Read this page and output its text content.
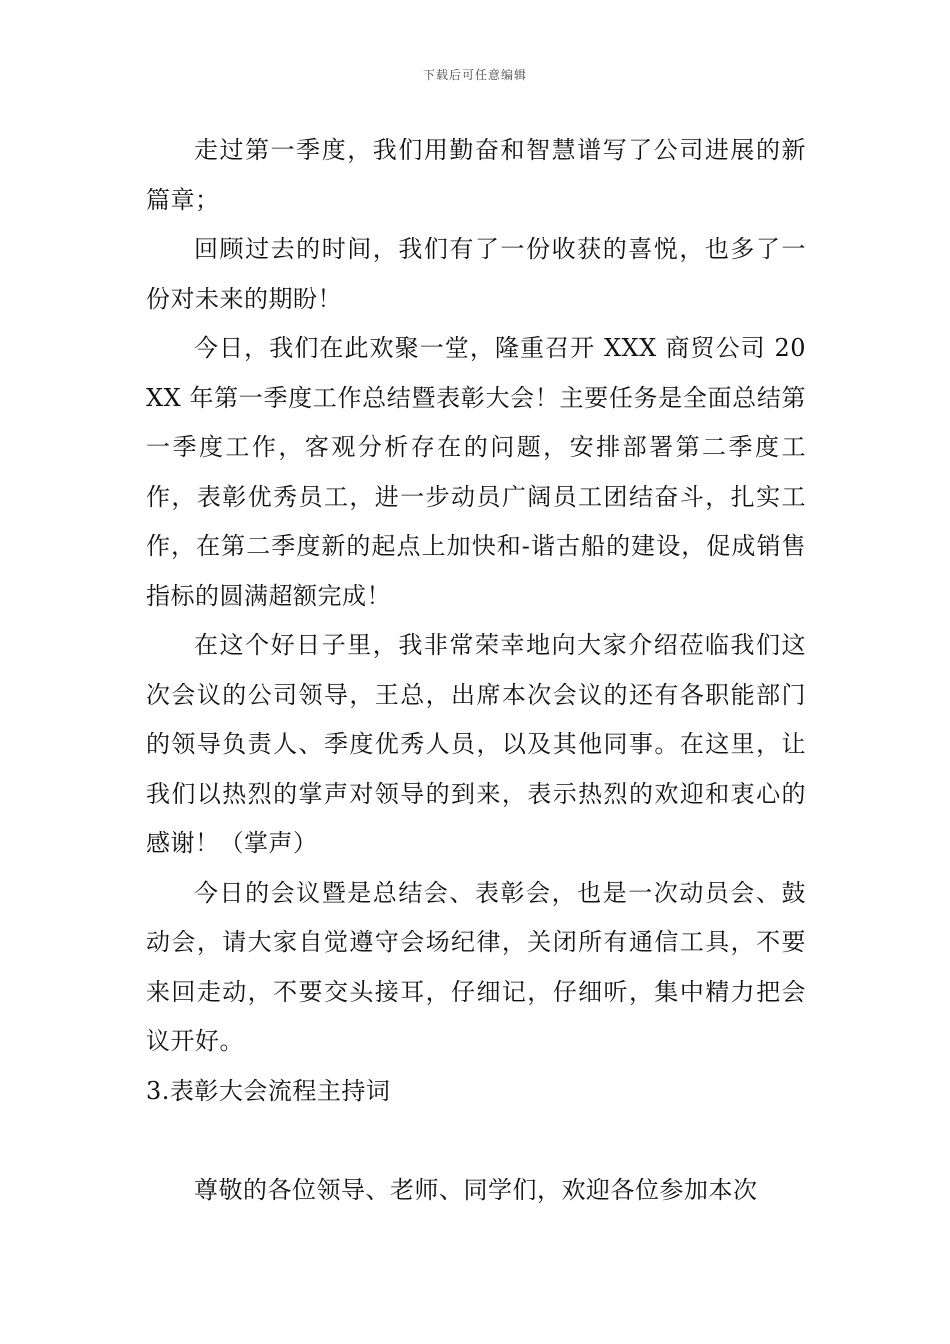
下载后可任意编辑

走过第一季度，我们用勤奋和智慧谱写了公司进展的新篇章；

回顾过去的时间，我们有了一份收获的喜悦，也多了一份对未来的期盼！

今日，我们在此欢聚一堂，隆重召开 XXX 商贸公司 20XX 年第一季度工作总结暨表彰大会！主要任务是全面总结第一季度工作，客观分析存在的问题，安排部署第二季度工作，表彰优秀员工，进一步动员广阔员工团结奋斗，扎实工作，在第二季度新的起点上加快和-谐古船的建设，促成销售指标的圆满超额完成！

在这个好日子里，我非常荣幸地向大家介绍莅临我们这次会议的公司领导，王总，出席本次会议的还有各职能部门的领导负责人、季度优秀人员，以及其他同事。在这里，让我们以热烈的掌声对领导的到来，表示热烈的欢迎和衷心的感谢！（掌声）

今日的会议暨是总结会、表彰会，也是一次动员会、鼓动会，请大家自觉遵守会场纪律，关闭所有通信工具，不要来回走动，不要交头接耳，仔细记，仔细听，集中精力把会议开好。

3.表彰大会流程主持词

尊敬的各位领导、老师、同学们，欢迎各位参加本次
